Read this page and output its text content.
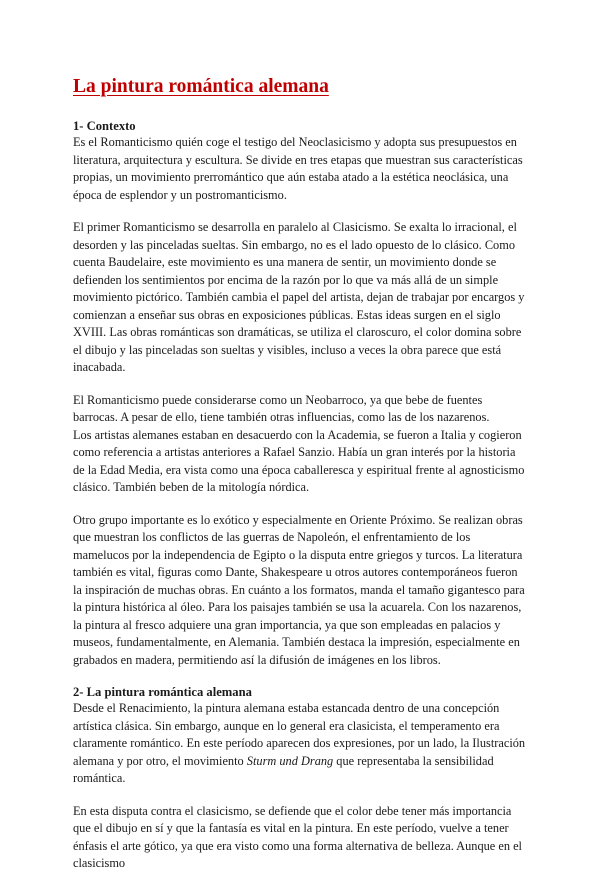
La pintura romántica alemana
1- Contexto

Es el Romanticismo quién coge el testigo del Neoclasicismo y adopta sus presupuestos en literatura, arquitectura y escultura. Se divide en tres etapas que muestran sus características propias, un movimiento prerromántico que aún estaba atado a la estética neoclásica, una época de esplendor y un postromanticismo.

El primer Romanticismo se desarrolla en paralelo al Clasicismo. Se exalta lo irracional, el desorden y las pinceladas sueltas. Sin embargo, no es el lado opuesto de lo clásico. Como cuenta Baudelaire, este movimiento es una manera de sentir, un movimiento donde se defienden los sentimientos por encima de la razón por lo que va más allá de un simple movimiento pictórico. También cambia el papel del artista, dejan de trabajar por encargos y comienzan a enseñar sus obras en exposiciones públicas. Estas ideas surgen en el siglo XVIII. Las obras románticas son dramáticas, se utiliza el claroscuro, el color domina sobre el dibujo y las pinceladas son sueltas y visibles, incluso a veces la obra parece que está inacabada.

El Romanticismo puede considerarse como un Neobarroco, ya que bebe de fuentes barrocas. A pesar de ello, tiene también otras influencias, como las de los nazarenos.

Los artistas alemanes estaban en desacuerdo con la Academia, se fueron a Italia y cogieron como referencia a artistas anteriores a Rafael Sanzio. Había un gran interés por la historia de la Edad Media, era vista como una época caballeresca y espiritual frente al agnosticismo clásico. También beben de la mitología nórdica.

Otro grupo importante es lo exótico y especialmente en Oriente Próximo. Se realizan obras que muestran los conflictos de las guerras de Napoleón, el enfrentamiento de los mamelucos por la independencia de Egipto o la disputa entre griegos y turcos. La literatura también es vital, figuras como Dante, Shakespeare u otros autores contemporáneos fueron la inspiración de muchas obras. En cuánto a los formatos, manda el tamaño gigantesco para la pintura histórica al óleo. Para los paisajes también se usa la acuarela. Con los nazarenos, la pintura al fresco adquiere una gran importancia, ya que son empleadas en palacios y museos, fundamentalmente, en Alemania. También destaca la impresión, especialmente en grabados en madera, permitiendo así la difusión de imágenes en los libros.

2- La pintura romántica alemana

Desde el Renacimiento, la pintura alemana estaba estancada dentro de una concepción artística clásica. Sin embargo, aunque en lo general era clasicista, el temperamento era claramente romántico. En este período aparecen dos expresiones, por un lado, la Ilustración alemana y por otro, el movimiento Sturm und Drang que representaba la sensibilidad romántica.

En esta disputa contra el clasicismo, se defiende que el color debe tener más importancia que el dibujo en sí y que la fantasía es vital en la pintura. En este período, vuelve a tener énfasis el arte gótico, ya que era visto como una forma alternativa de belleza. Aunque en el clasicismo
